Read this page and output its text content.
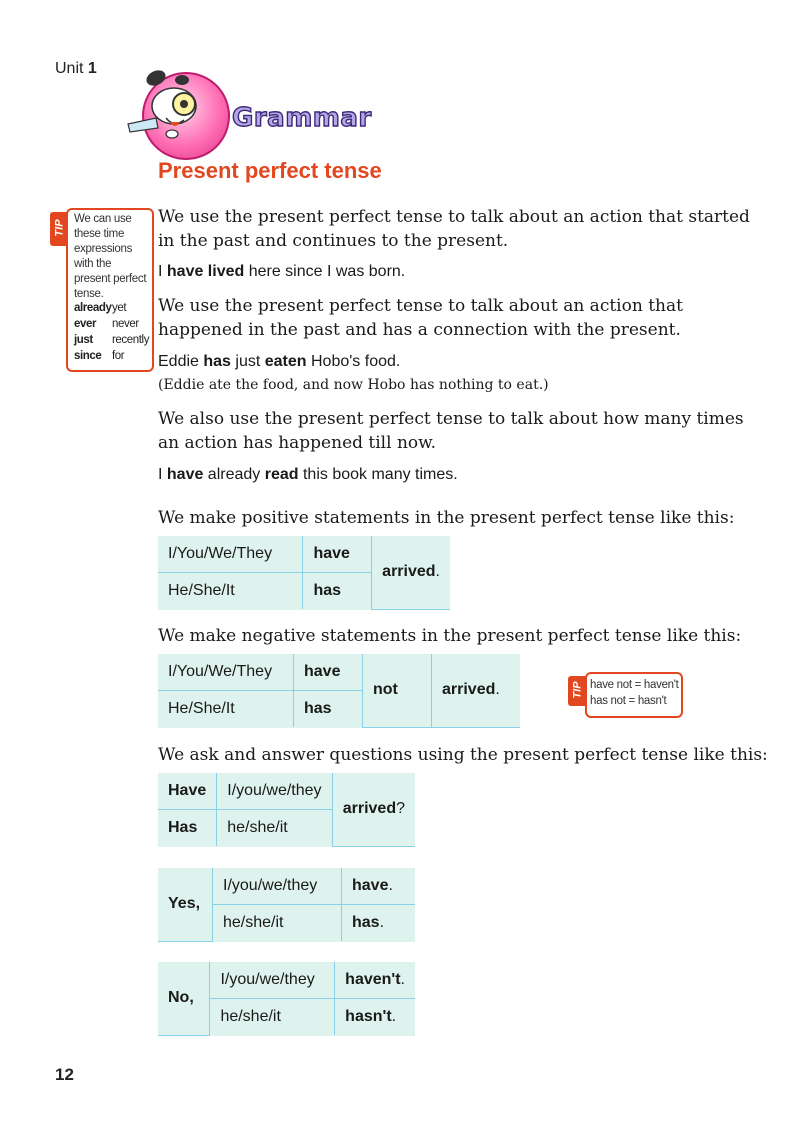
Unit 1
Grammar
Present perfect tense
TIP
We can use these time expressions with the present perfect tense.
already yet
ever	never
just	recently
since for
We use the present perfect tense to talk about an action that started in the past and continues to the present.
I have lived here since I was born.
We use the present perfect tense to talk about an action that happened in the past and has a connection with the present.
Eddie has just eaten Hobo's food.
(Eddie ate the food, and now Hobo has nothing to eat.)
We also use the present perfect tense to talk about how many times an action has happened till now.
I have already read this book many times.
We make positive statements in the present perfect tense like this:
I/You/We/They	have	arrived.
He/She/It	has	
We make negative statements in the present perfect tense like this:
I/You/We/They	have	not	arrived.
He/She/It	has		
TIP have not = haven't
has not = hasn't
We ask and answer questions using the present perfect tense like this:
Have	I/you/we/they	arrived?
Has	he/she/it	
Yes,	I/you/we/they	have.
	he/she/it	has.
No,	I/you/we/they	haven't.
	he/she/it	hasn't.
12
